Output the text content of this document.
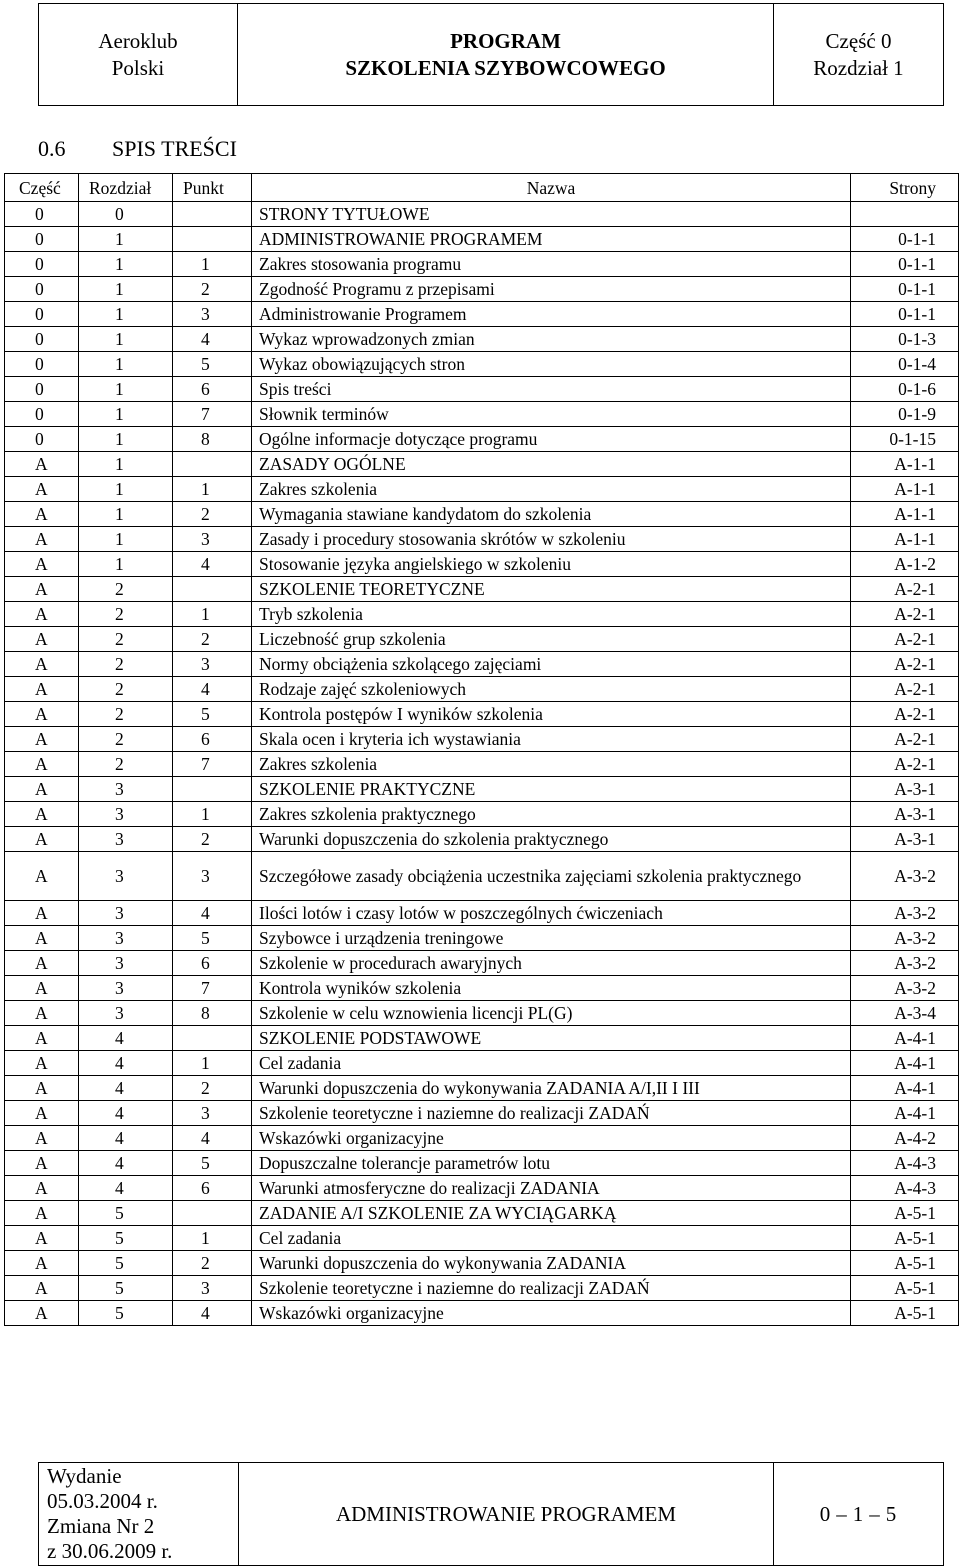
Aeroklub
Polski

PROGRAM
SZKOLENIA SZYBOWCOWEGO

Część 0
Rozdział 1
0.6 SPIS TREŚCI
Część	Rozdział	Punkt	Nazwa	Strony
0	0		STRONY TYTUŁOWE	
0	1		ADMINISTROWANIE PROGRAMEM	0-1-1
0	1	1	Zakres stosowania programu	0-1-1
0	1	2	Zgodność Programu z przepisami	0-1-1
0	1	3	Administrowanie Programem	0-1-1
0	1	4	Wykaz wprowadzonych zmian	0-1-3
0	1	5	Wykaz obowiązujących stron	0-1-4
0	1	6	Spis treści	0-1-6
0	1	7	Słownik terminów	0-1-9
0	1	8	Ogólne informacje dotyczące programu	0-1-15
A	1		ZASADY OGÓLNE	A-1-1
A	1	1	Zakres szkolenia	A-1-1
A	1	2	Wymagania stawiane kandydatom do szkolenia	A-1-1
A	1	3	Zasady i procedury stosowania skrótów w szkoleniu	A-1-1
A	1	4	Stosowanie języka angielskiego w szkoleniu	A-1-2
A	2		SZKOLENIE TEORETYCZNE	A-2-1
A	2	1	Tryb szkolenia	A-2-1
A	2	2	Liczebność grup szkolenia	A-2-1
A	2	3	Normy obciążenia szkolącego zajęciami	A-2-1
A	2	4	Rodzaje zajęć szkoleniowych	A-2-1
A	2	5	Kontrola postępów I wyników szkolenia	A-2-1
A	2	6	Skala ocen i kryteria ich wystawiania	A-2-1
A	2	7	Zakres szkolenia	A-2-1
A	3		SZKOLENIE PRAKTYCZNE	A-3-1
A	3	1	Zakres szkolenia praktycznego	A-3-1
A	3	2	Warunki dopuszczenia do szkolenia praktycznego	A-3-1
A	3	3	Szczegółowe zasady obciążenia uczestnika zajęciami szkolenia praktycznego	A-3-2
A	3	4	Ilości lotów i czasy lotów w poszczególnych ćwiczeniach	A-3-2
A	3	5	Szybowce i urządzenia treningowe	A-3-2
A	3	6	Szkolenie w procedurach awaryjnych	A-3-2
A	3	7	Kontrola wyników szkolenia	A-3-2
A	3	8	Szkolenie w celu wznowienia licencji PL(G)	A-3-4
A	4		SZKOLENIE PODSTAWOWE	A-4-1
A	4	1	Cel zadania	A-4-1
A	4	2	Warunki dopuszczenia do wykonywania ZADANIA A/I,II I III	A-4-1
A	4	3	Szkolenie teoretyczne i naziemne do realizacji ZADAŃ	A-4-1
A	4	4	Wskazówki organizacyjne	A-4-2
A	4	5	Dopuszczalne tolerancje parametrów lotu	A-4-3
A	4	6	Warunki atmosferyczne do realizacji ZADANIA	A-4-3
A	5		ZADANIE A/I SZKOLENIE ZA WYCIĄGARKĄ	A-5-1
A	5	1	Cel zadania	A-5-1
A	5	2	Warunki dopuszczenia do wykonywania ZADANIA	A-5-1
A	5	3	Szkolenie teoretyczne i naziemne do realizacji ZADAŃ	A-5-1
A	5	4	Wskazówki organizacyjne	A-5-1
Wydanie
05.03.2004 r.
Zmiana Nr 2
z 30.06.2009 r.
	ADMINISTROWANIE PROGRAMEM	0 – 1 – 5
